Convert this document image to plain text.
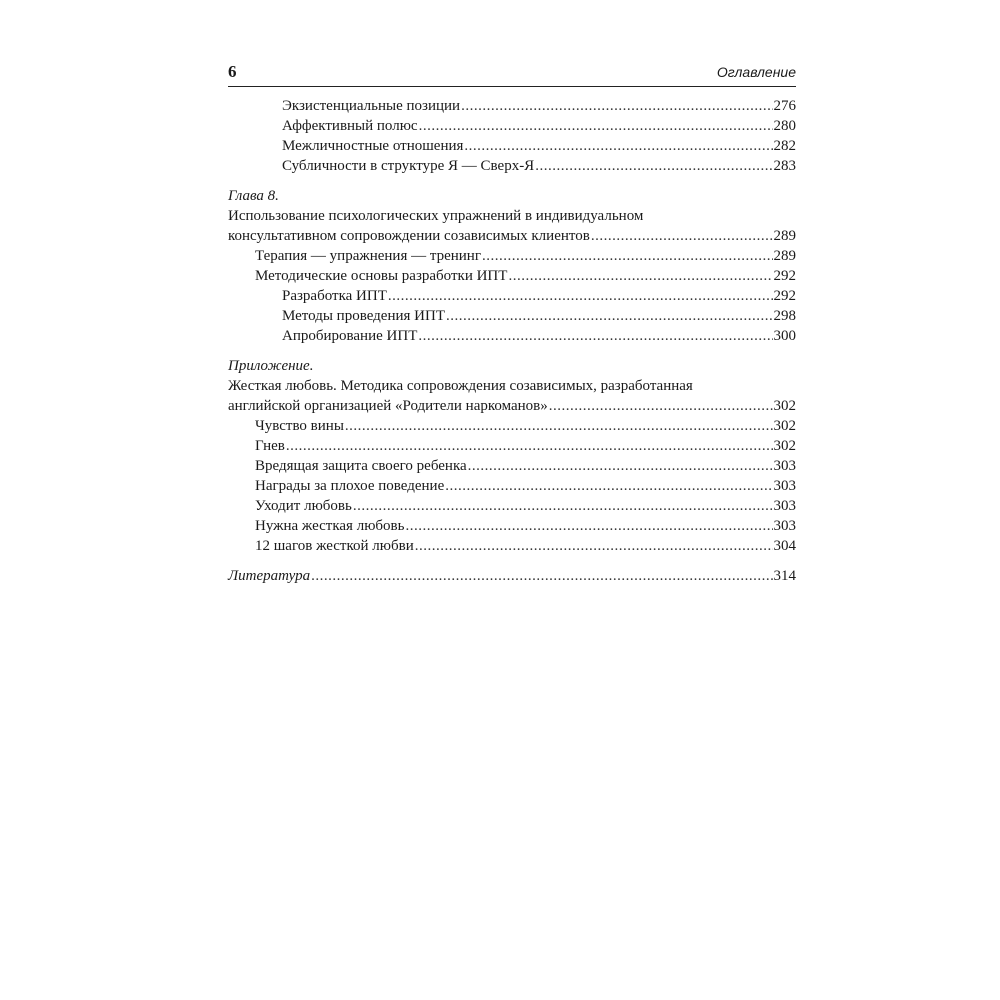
6	Оглавление
Экзистенциальные позиции .....	276
Аффективный полюс .....	280
Межличностные отношения .....	282
Субличности в структуре Я — Сверх-Я .....	283
Глава 8.
Использование психологических упражнений в индивидуальном
консультативном сопровождении созависимых клиентов .....	289
Терапия — упражнения — тренинг .....	289
Методические основы разработки ИПТ .....	292
Разработка ИПТ .....	292
Методы проведения ИПТ .....	298
Апробирование ИПТ .....	300
Приложение.
Жесткая любовь. Методика сопровождения созависимых, разработанная
английской организацией «Родители наркоманов» .....	302
Чувство вины .....	302
Гнев .....	302
Вредящая защита своего ребенка .....	303
Награды за плохое поведение .....	303
Уходит любовь .....	303
Нужна жесткая любовь .....	303
12 шагов жесткой любви .....	304
Литература .....	314
